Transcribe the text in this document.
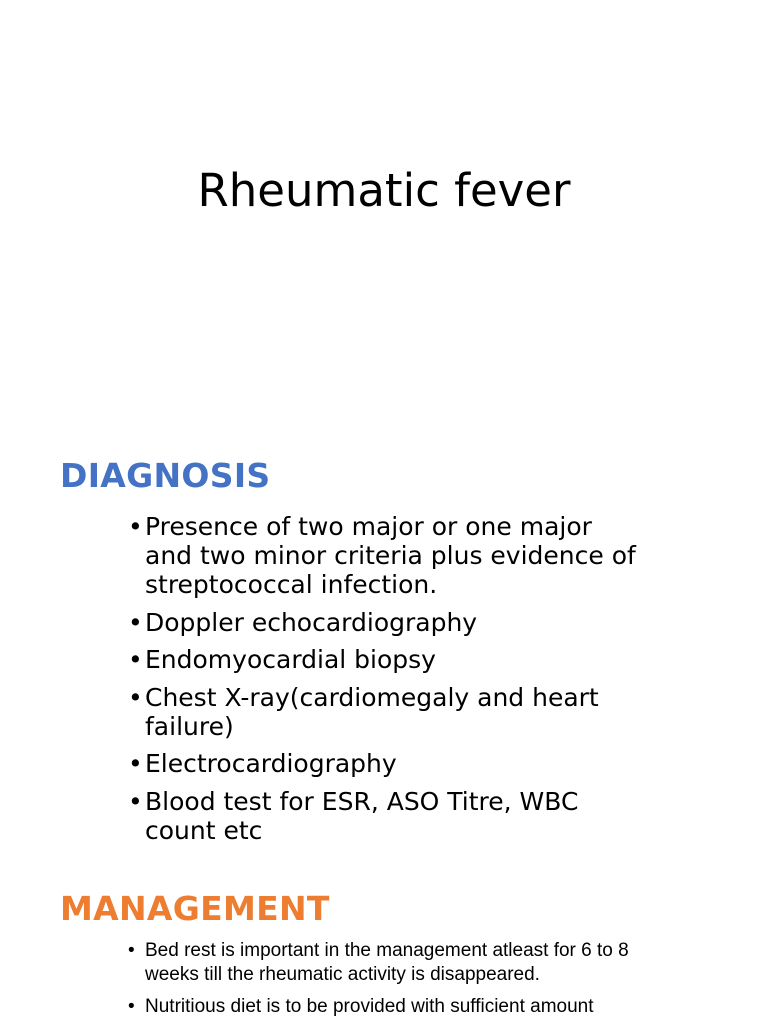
Rheumatic fever
DIAGNOSIS
• Presence of two major or one major and two minor criteria plus evidence of streptococcal infection.
• Doppler echocardiography
• Endomyocardial biopsy
• Chest X-ray(cardiomegaly and heart failure)
• Electrocardiography
• Blood test for ESR, ASO Titre, WBC count etc
MANAGEMENT
• Bed rest is important in the management atleast for 6 to 8 weeks till the rheumatic activity is disappeared.
• Nutritious diet is to be provided with sufficient amount
